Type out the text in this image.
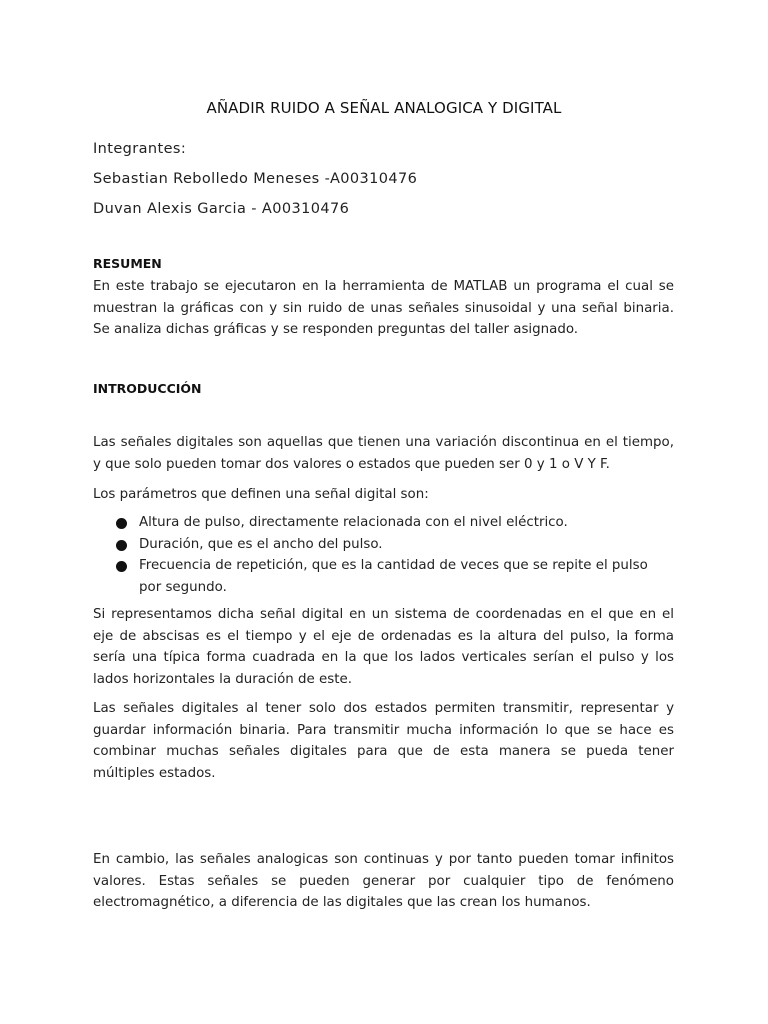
AÑADIR RUIDO A SEÑAL ANALOGICA Y DIGITAL
Integrantes:
Sebastian Rebolledo Meneses -A00310476
Duvan Alexis Garcia - A00310476
RESUMEN
En este trabajo se ejecutaron en la herramienta de MATLAB un programa el cual se muestran la gráficas con y sin ruido de unas señales sinusoidal y una señal binaria. Se analiza dichas gráficas y se responden preguntas del taller asignado.
INTRODUCCIÓN
Las señales digitales son aquellas que tienen una variación discontinua en el tiempo, y que solo pueden tomar dos valores o estados que pueden ser 0 y 1 o V Y F.
Los parámetros que definen una señal digital son:
Altura de pulso, directamente relacionada con el nivel eléctrico.
Duración, que es el ancho del pulso.
Frecuencia de repetición, que es la cantidad de veces que se repite el pulso por segundo.
Si representamos dicha señal digital en un sistema de coordenadas en el que en el eje de abscisas es el tiempo y el eje de ordenadas es la altura del pulso, la forma sería una típica forma cuadrada en la que los lados verticales serían el pulso y los lados horizontales la duración de este.
Las señales digitales al tener solo dos estados permiten transmitir, representar y guardar información binaria. Para transmitir mucha información lo que se hace es combinar muchas señales digitales para que de esta manera se pueda tener múltiples estados.
En cambio, las señales analogicas son continuas y por tanto pueden tomar infinitos valores. Estas señales se pueden generar por cualquier tipo de fenómeno electromagnético, a diferencia de las digitales que las crean los humanos.
